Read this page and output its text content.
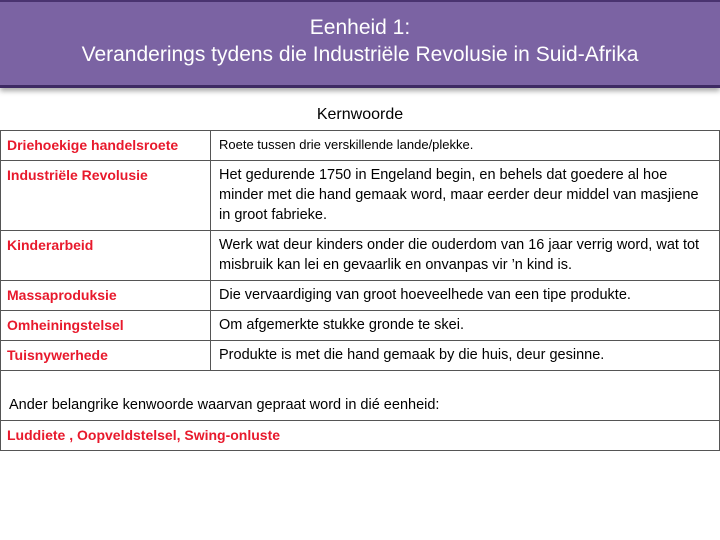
Eenheid 1:
Veranderings tydens die Industriële Revolusie in Suid-Afrika
Kernwoorde
Driehoekige handelsroete	Roete tussen drie verskillende lande/plekke.
Industriële Revolusie	Het gedurende 1750 in Engeland begin, en behels dat goedere al hoe minder met die hand gemaak word, maar eerder deur middel van masjiene in groot fabrieke.
Kinderarbeid	Werk wat deur kinders onder die ouderdom van 16 jaar verrig word, wat tot misbruik kan lei en gevaarlik en onvanpas vir ’n kind is.
Massaproduksie	Die vervaardiging van groot hoeveelhede van een tipe produkte.
Omheiningstelsel	Om afgemerkte stukke gronde te skei.
Tuisnywerhede	Produkte is met die hand gemaak by die huis, deur gesinne.
Ander belangrike kenwoorde waarvan gepraat word in dié eenheid:	
Luddiete , Oopveldstelsel, Swing-onluste	
